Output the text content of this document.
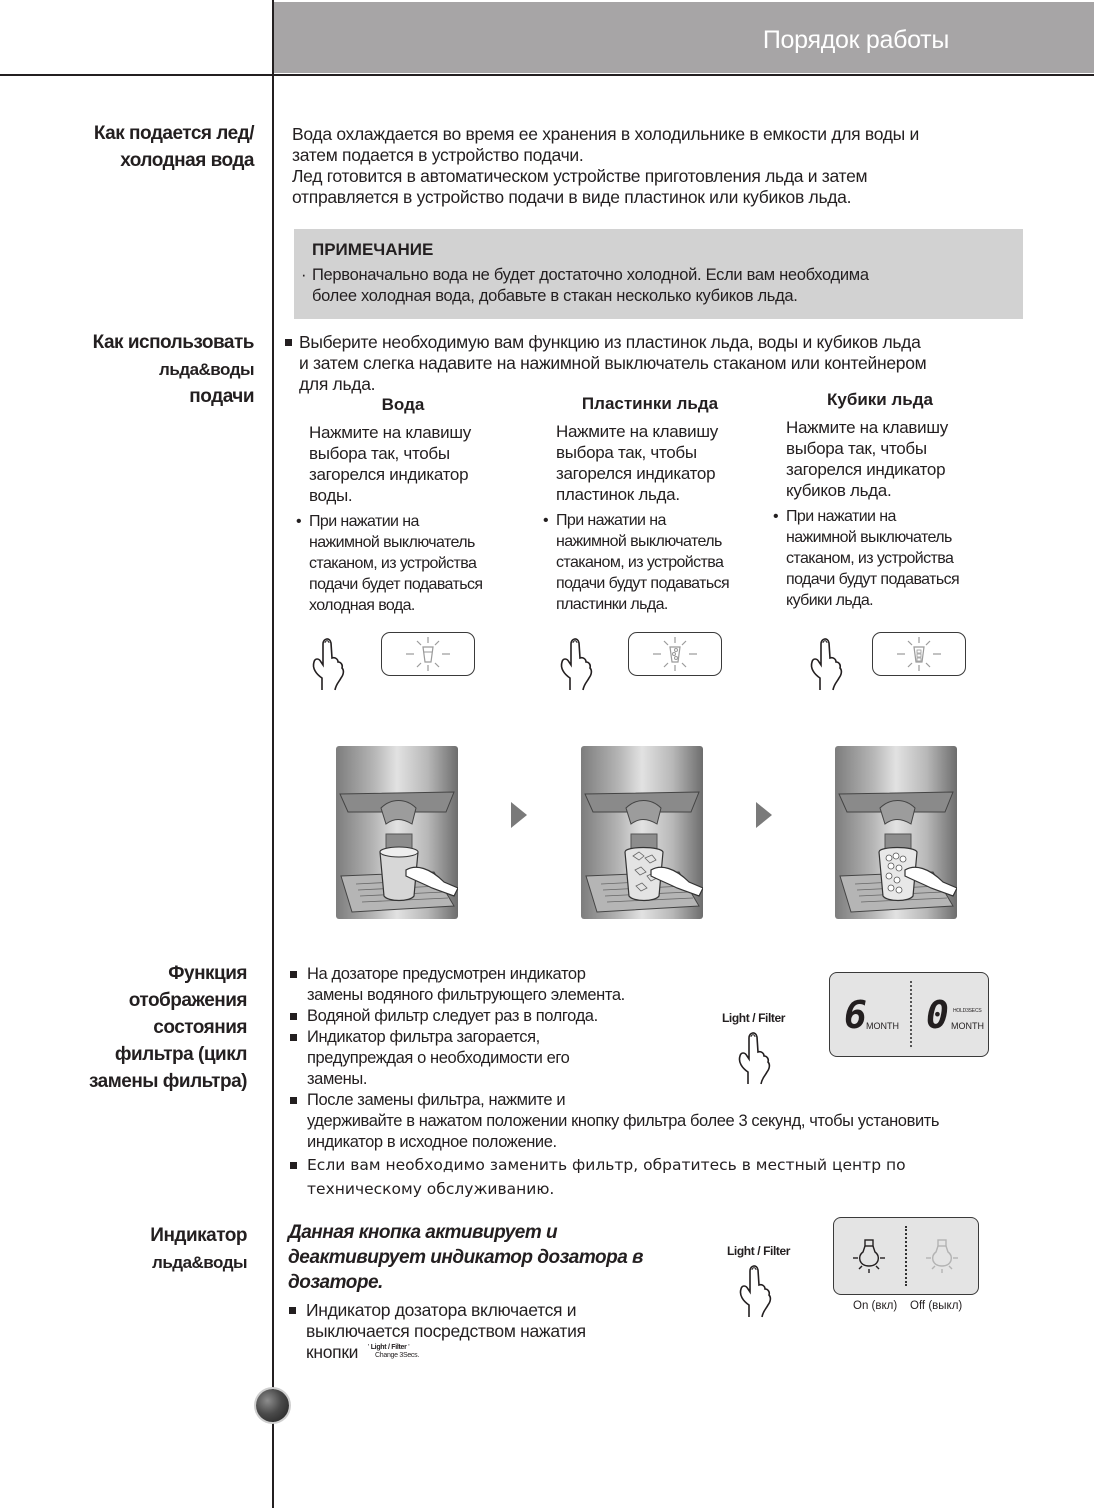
Порядок работы
Как подается лед/
холодная вода
Вода охлаждается во время ее хранения в холодильнике в емкости для воды и
затем подается в устройство подачи.
Лед готовится в автоматическом устройстве приготовления льда и затем
отправляется в устройство подачи в виде пластинок или кубиков льда.
ПРИМЕЧАНИЕ
· Первоначально вода не будет достаточно холодной. Если вам необходима
более холодная вода, добавьте в стакан несколько кубиков льда.
Как использовать
льда&воды
подачи
Выберите необходимую вам функцию из пластинок льда, воды и кубиков льда
и затем слегка надавите на нажимной выключатель стаканом или контейнером
для льда.
Вода	Пластинки льда	Кубики льда
Нажмите на клавишу
выбора так, чтобы
загорелся индикатор
воды.
Нажмите на клавишу
выбора так, чтобы
загорелся индикатор
пластинок льда.
Нажмите на клавишу
выбора так, чтобы
загорелся индикатор
кубиков льда.
• При нажатии на
нажимной выключатель
стаканом, из устройства
подачи будет подаваться
холодная вода.
• При нажатии на
нажимной выключатель
стаканом, из устройства
подачи будут подаваться
пластинки льда.
• При нажатии на
нажимной выключатель
стаканом, из устройства
подачи будут подаваться
кубики льда.
Функция
отображения
состояния
фильтра (цикл
замены фильтра)
На дозаторе предусмотрен индикатор
замены водяного фильтрующего элемента.
Водяной фильтр следует раз в полгода.
Индикатор фильтра загорается,
предупреждая о необходимости его
замены.
После замены фильтра, нажмите и
удерживайте в нажатом положении кнопку фильтра более 3 секунд, чтобы установить
индикатор в исходное положение.
Если вам необходимо заменить фильтр, обратитесь в местный центр по
техническому обслуживанию.
Light / Filter 6 MONTH 0 HOLD3SECS
MONTH
Индикатор
льда&воды
Данная кнопка активирует и
деактивирует индикатор дозатора в
дозаторе.
Индикатор дозатора включается и
выключается посредством нажатия
кнопки ' Light / Filter '
Change 3Secs.
Light / Filter
On (вкл) Off (выкл)
